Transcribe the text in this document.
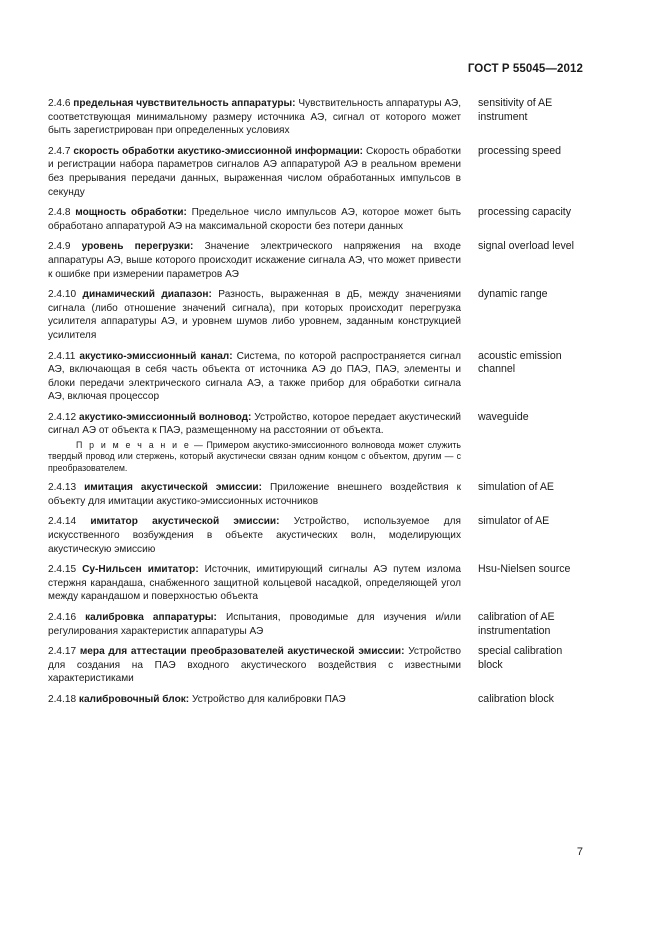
ГОСТ Р 55045—2012
2.4.6 предельная чувствительность аппаратуры: Чувствительность аппаратуры АЭ, соответствующая минимальному размеру источника АЭ, сигнал от которого может быть зарегистрирован при определенных условиях
sensitivity of AE instrument
2.4.7 скорость обработки акустико-эмиссионной информации: Скорость обработки и регистрации набора параметров сигналов АЭ аппаратурой АЭ в реальном времени без прерывания передачи данных, выраженная числом обработанных импульсов в секунду
processing speed
2.4.8 мощность обработки: Предельное число импульсов АЭ, которое может быть обработано аппаратурой АЭ на максимальной скорости без потери данных
processing capacity
2.4.9 уровень перегрузки: Значение электрического напряжения на входе аппаратуры АЭ, выше которого происходит искажение сигнала АЭ, что может привести к ошибке при измерении параметров АЭ
signal overload level
2.4.10 динамический диапазон: Разность, выраженная в дБ, между значениями сигнала (либо отношение значений сигнала), при которых происходит перегрузка усилителя аппаратуры АЭ, и уровнем шумов либо уровнем, заданным конструкцией усилителя
dynamic range
2.4.11 акустико-эмиссионный канал: Система, по которой распространяется сигнал АЭ, включающая в себя часть объекта от источника АЭ до ПАЭ, ПАЭ, элементы и блоки передачи электрического сигнала АЭ, а также прибор для обработки сигнала АЭ, включая процессор
acoustic emission channel
2.4.12 акустико-эмиссионный волновод: Устройство, которое передает акустический сигнал АЭ от объекта к ПАЭ, размещенному на расстоянии от объекта.
П р и м е ч а н и е — Примером акустико-эмиссионного волновода может служить твердый провод или стержень, который акустически связан одним концом с объектом, другим — с преобразователем.
waveguide
2.4.13 имитация акустической эмиссии: Приложение внешнего воздействия к объекту для имитации акустико-эмиссионных источников
simulation of AE
2.4.14 имитатор акустической эмиссии: Устройство, используемое для искусственного возбуждения в объекте акустических волн, моделирующих акустическую эмиссию
simulator of AE
2.4.15 Су-Нильсен имитатор: Источник, имитирующий сигналы АЭ путем излома стержня карандаша, снабженного защитной кольцевой насадкой, определяющей угол между карандашом и поверхностью объекта
Hsu-Nielsen source
2.4.16 калибровка аппаратуры: Испытания, проводимые для изучения и/или регулирования характеристик аппаратуры АЭ
calibration of AE instrumentation
2.4.17 мера для аттестации преобразователей акустической эмиссии: Устройство для создания на ПАЭ входного акустического воздействия с известными характеристиками
special calibration block
2.4.18 калибровочный блок: Устройство для калибровки ПАЭ	calibration block
7
